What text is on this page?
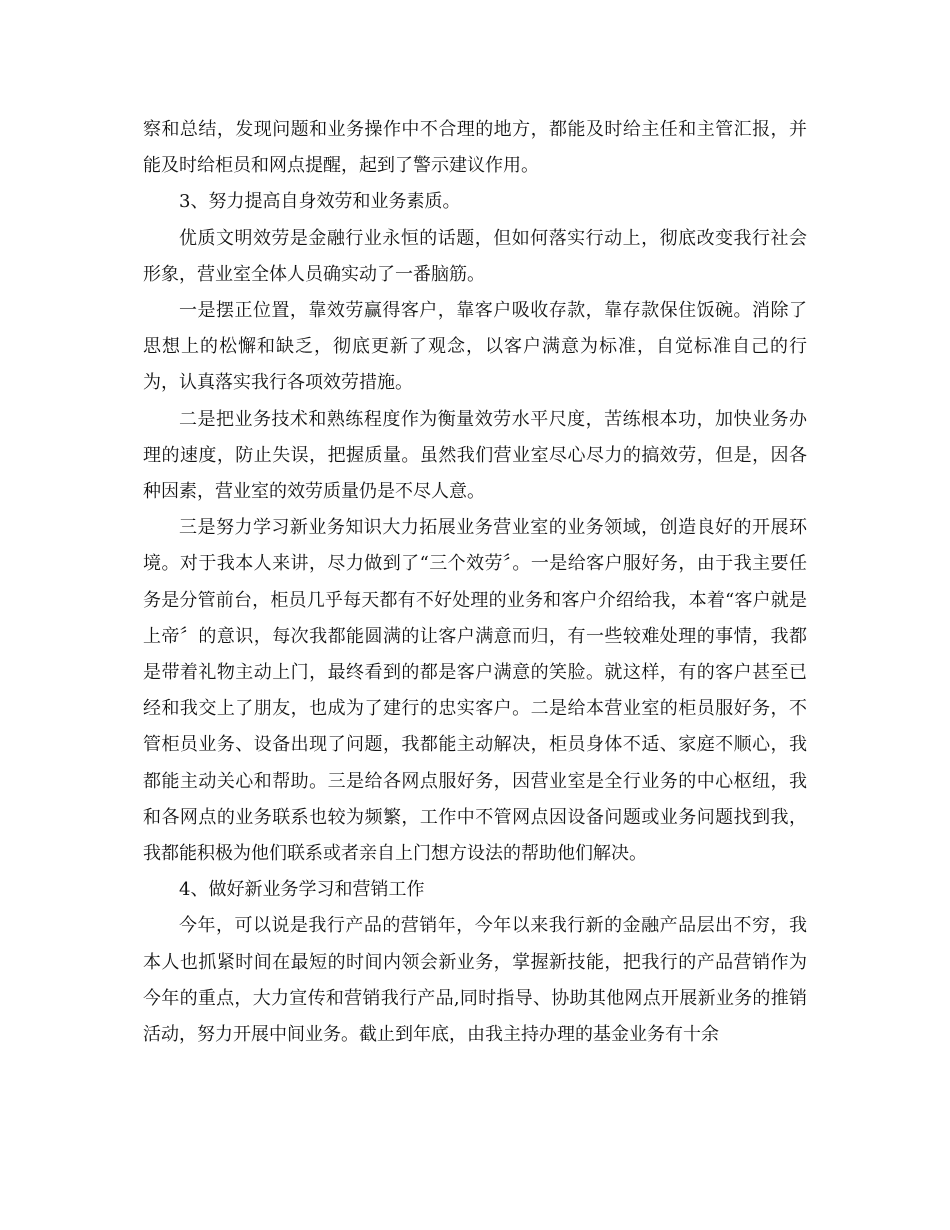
察和总结，发现问题和业务操作中不合理的地方，都能及时给主任和主管汇报，并能及时给柜员和网点提醒，起到了警示建议作用。

3、努力提高自身效劳和业务素质。

优质文明效劳是金融行业永恒的话题，但如何落实行动上，彻底改变我行社会形象，营业室全体人员确实动了一番脑筋。

一是摆正位置，靠效劳赢得客户，靠客户吸收存款，靠存款保住饭碗。消除了思想上的松懈和缺乏，彻底更新了观念，以客户满意为标准，自觉标准自己的行为，认真落实我行各项效劳措施。

二是把业务技术和熟练程度作为衡量效劳水平尺度，苦练根本功，加快业务办理的速度，防止失误，把握质量。虽然我们营业室尽心尽力的搞效劳，但是，因各种因素，营业室的效劳质量仍是不尽人意。

三是努力学习新业务知识大力拓展业务营业室的业务领域，创造良好的开展环境。对于我本人来讲，尽力做到了“三个效劳〞。一是给客户服好务，由于我主要任务是分管前台，柜员几乎每天都有不好处理的业务和客户介绍给我，本着“客户就是上帝〞的意识，每次我都能圆满的让客户满意而归，有一些较难处理的事情，我都是带着礼物主动上门，最终看到的都是客户满意的笑脸。就这样，有的客户甚至已经和我交上了朋友，也成为了建行的忠实客户。二是给本营业室的柜员服好务，不管柜员业务、设备出现了问题，我都能主动解决，柜员身体不适、家庭不顺心，我都能主动关心和帮助。三是给各网点服好务，因营业室是全行业务的中心枢纽，我和各网点的业务联系也较为频繁，工作中不管网点因设备问题或业务问题找到我，我都能积极为他们联系或者亲自上门想方设法的帮助他们解决。

4、做好新业务学习和营销工作

今年，可以说是我行产品的营销年，今年以来我行新的金融产品层出不穷，我本人也抓紧时间在最短的时间内领会新业务，掌握新技能，把我行的产品营销作为今年的重点，大力宣传和营销我行产品,同时指导、协助其他网点开展新业务的推销活动，努力开展中间业务。截止到年底，由我主持办理的基金业务有十余
